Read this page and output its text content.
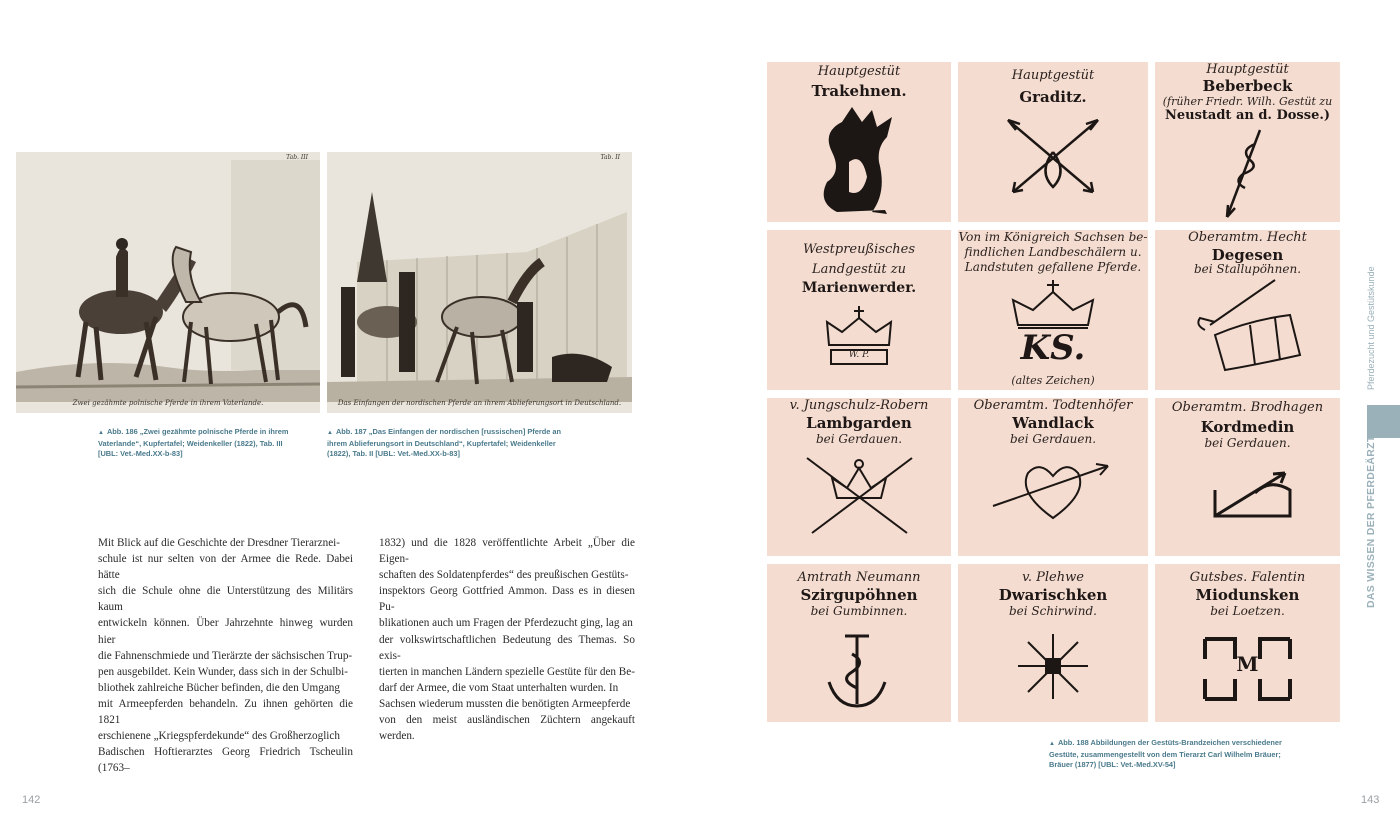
Tab. III
Zwei gezähmte polnische Pferde in ihrem Vaterlande.
Tab. II
Das Einfangen der nordischen Pferde an ihrem Ablieferungsort in Deutschland.
▲ Abb. 186 „Zwei gezähmte polnische Pferde in ihrem
Vaterlande“, Kupfertafel; Weidenkeller (1822), Tab. III
[UBL: Vet.-Med.XX-b-83]
▲ Abb. 187 „Das Einfangen der nordischen [russischen] Pferde an
ihrem Ablieferungsort in Deutschland“, Kupfertafel; Weidenkeller
(1822), Tab. II [UBL: Vet.-Med.XX-b-83]

Mit Blick auf die Geschichte der Dresdner Tierarznei-

schule ist nur selten von der Armee die Rede. Dabei hätte

sich die Schule ohne die Unterstützung des Militärs kaum

entwickeln können. Über Jahrzehnte hinweg wurden hier

die Fahnenschmiede und Tierärzte der sächsischen Trup-

pen ausgebildet. Kein Wunder, dass sich in der Schulbi-

bliothek zahlreiche Bücher befinden, die den Umgang

mit Armeepferden behandeln. Zu ihnen gehörten die 1821

erschienene „Kriegspferdekunde“ des Großherzoglich

Badischen Hoftierarztes Georg Friedrich Tscheulin (1763–

1832) und die 1828 veröffentlichte Arbeit „Über die Eigen-

schaften des Soldatenpferdes“ des preußischen Gestüts-

inspektors Georg Gottfried Ammon. Dass es in diesen Pu-

blikationen auch um Fragen der Pferdezucht ging, lag an

der volkswirtschaftlichen Bedeutung des Themas. So exis-

tierten in manchen Ländern spezielle Gestüte für den Be-

darf der Armee, die vom Staat unterhalten wurden. In

Sachsen wiederum mussten die benötigten Armeepferde

von den meist ausländischen Züchtern angekauft werden.

142
Hauptgestüt
Trakehnen.
Hauptgestüt
Graditz.
Hauptgestüt
Beberbeck
(früher Friedr. Wilh. Gestüt zu
Neustadt an d. Dosse.)
Westpreußisches
Landgestüt zu
Marienwerder.
W. P.
Von im Königreich Sachsen be-
findlichen Landbeschälern u.
Landstuten gefallene Pferde.
KS.
(altes Zeichen)
Oberamtm. Hecht
Degesen
bei Stallupöhnen.
v. Jungschulz-Robern
Lambgarden
bei Gerdauen.
Oberamtm. Todtenhöfer
Wandlack
bei Gerdauen.
Oberamtm. Brodhagen
Kordmedin
bei Gerdauen.
Amtrath Neumann
Szirgupöhnen
bei Gumbinnen.
v. Plehwe
Dwarischken
bei Schirwind.
Gutsbes. Falentin
Miodunsken
bei Loetzen.
M
▲ Abb. 188 Abbildungen der Gestüts-Brandzeichen verschiedener
Gestüte, zusammengestellt von dem Tierarzt Carl Wilhelm Bräuer;
Bräuer (1877) [UBL: Vet.-Med.XV-54]
Pferdezucht und Gestütskunde
DAS WISSEN DER PFERDEÄRZTE
143
